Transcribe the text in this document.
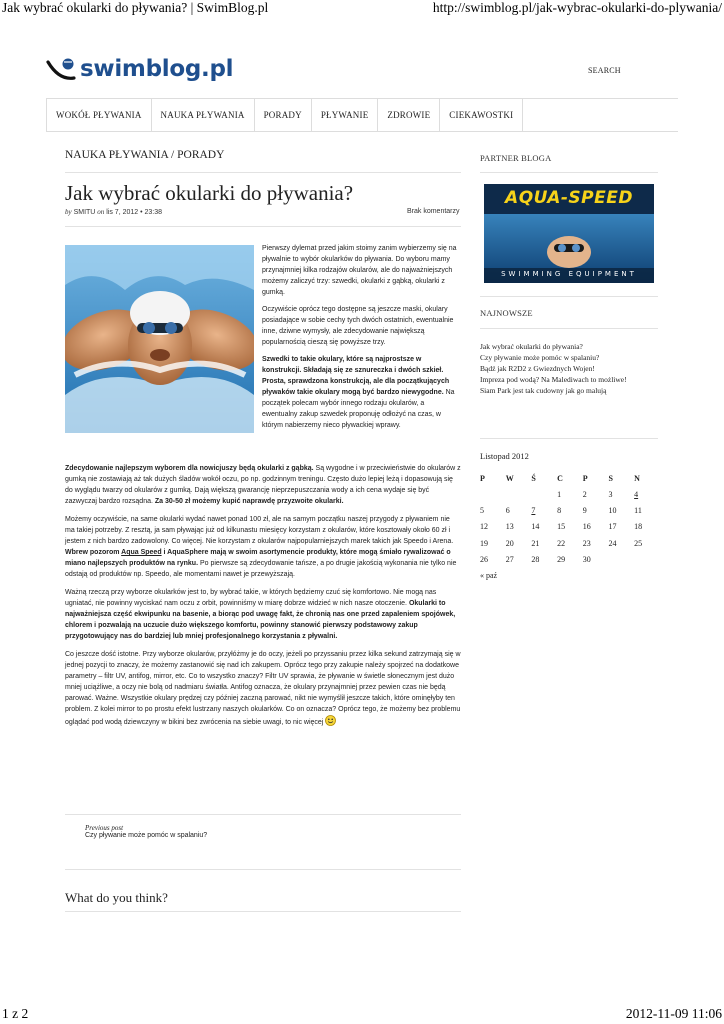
Jak wybrać okularki do pływania? | SwimBlog.pl	http://swimblog.pl/jak-wybrac-okularki-do-plywania/
1 z 2	2012-11-09 11:06
swimblog.pl	SEARCH
WOKÓŁ PŁYWANIA	NAUKA PŁYWANIA	PORADY	PŁYWANIE	ZDROWIE	CIEKAWOSTKI
NAUKA PŁYWANIA / PORADY
Jak wybrać okularki do pływania?
by SMITU on lis 7, 2012 • 23:38	Brak komentarzy

Pierwszy dylemat przed jakim stoimy zanim wybierzemy się na pływalnie to wybór okularków do pływania. Do wyboru mamy przynajmniej kilka rodzajów okularów, ale do najważniejszych możemy zaliczyć trzy: szwedki, okularki z gąbką, okularki z gumką.

Oczywiście oprócz tego dostępne są jeszcze maski, okulary posiadające w sobie cechy tych dwóch ostatnich, ewentualnie inne, dziwne wymysły, ale zdecydowanie największą popularnością cieszą się powyższe trzy.

Szwedki to takie okulary, które są najprostsze w konstrukcji. Składają się ze sznureczka i dwóch szkieł. Prosta, sprawdzona konstrukcją, ale dla początkujących pływaków takie okulary mogą być bardzo niewygodne. Na początek polecam wybór innego rodzaju okularów, a ewentualny zakup szwedek proponuję odłożyć na czas, w którym nabierzemy nieco pływackiej wprawy.

Zdecydowanie najlepszym wyborem dla nowicjuszy będą okularki z gąbką. Są wygodne i w przeciwieństwie do okularów z gumką nie zostawiają aż tak dużych śladów wokół oczu, po np. godzinnym treningu. Często dużo lepiej leżą i dopasowują się do wyglądu twarzy od okularów z gumką. Dają większą gwarancję nieprzepuszczania wody a ich cena wydaje się być zazwyczaj bardzo rozsądna. Za 30-50 zł możemy kupić naprawdę przyzwoite okularki.

Możemy oczywiście, na same okularki wydać nawet ponad 100 zł, ale na samym początku naszej przygody z pływaniem nie ma takiej potrzeby. Z resztą, ja sam pływając już od kilkunastu miesięcy korzystam z okularów, które kosztowały około 60 zł i jestem z nich bardzo zadowolony. Co więcej. Nie korzystam z okularów najpopularniejszych marek takich jak Speedo i Arena. Wbrew pozorom Aqua Speed i AquaSphere mają w swoim asortymencie produkty, które mogą śmiało rywalizować o miano najlepszych produktów na rynku. Po pierwsze są zdecydowanie tańsze, a po drugie jakością wykonania nie tylko nie odstają od produktów np. Speedo, ale momentami nawet je przewyższają.

Ważną rzeczą przy wyborze okularków jest to, by wybrać takie, w których będziemy czuć się komfortowo. Nie mogą nas ugniatać, nie powinny wyciskać nam oczu z orbit, powinniśmy w miarę dobrze widzieć w nich nasze otoczenie. Okularki to najważniejsza część ekwipunku na basenie, a biorąc pod uwagę fakt, że chronią nas one przed zapaleniem spojówek, chlorem i pozwalają na uczucie dużo większego komfortu, powinny stanowić pierwszy podstawowy zakup przygotowujący nas do bardziej lub mniej profesjonalnego korzystania z pływalni.

Co jeszcze dość istotne. Przy wyborze okularów, przyłóżmy je do oczy, jeżeli po przyssaniu przez kilka sekund zatrzymają się w jednej pozycji to znaczy, że możemy zastanowić się nad ich zakupem. Oprócz tego przy zakupie należy spojrzeć na dodatkowe parametry – filtr UV, antifog, mirror, etc. Co to wszystko znaczy? Filtr UV sprawia, że pływanie w świetle słonecznym jest dużo mniej uciążliwe, a oczy nie bolą od nadmiaru światła. Antifog oznacza, że okulary przynajmniej przez pewien czas nie będą parować. Ważne. Wszystkie okulary prędzej czy później zaczną parować, nikt nie wymyślił jeszcze takich, które ominęłyby ten problem. Z kolei mirror to po prostu efekt lustrzany naszych okularków. Co on oznacza? Oprócz tego, że możemy bez problemu oglądać pod wodą dziewczyny w bikini bez zwrócenia na siebie uwagi, to nic więcej

Previous post
Czy pływanie może pomóc w spalaniu?
What do you think?
PARTNER BLOGA
AQUA-SPEED
SWIMMING EQUIPMENT
NAJNOWSZE
Jak wybrać okularki do pływania?
Czy pływanie może pomóc w spalaniu?
Bądź jak R2D2 z Gwiezdnych Wojen!
Impreza pod wodą? Na Malediwach to możliwe!
Siam Park jest tak cudowny jak go malują
Listopad 2012
P	W	Ś	C	P	S	N
			1	2	3	4
5	6	7	8	9	10	11
12	13	14	15	16	17	18
19	20	21	22	23	24	25
26	27	28	29	30		
« paź
